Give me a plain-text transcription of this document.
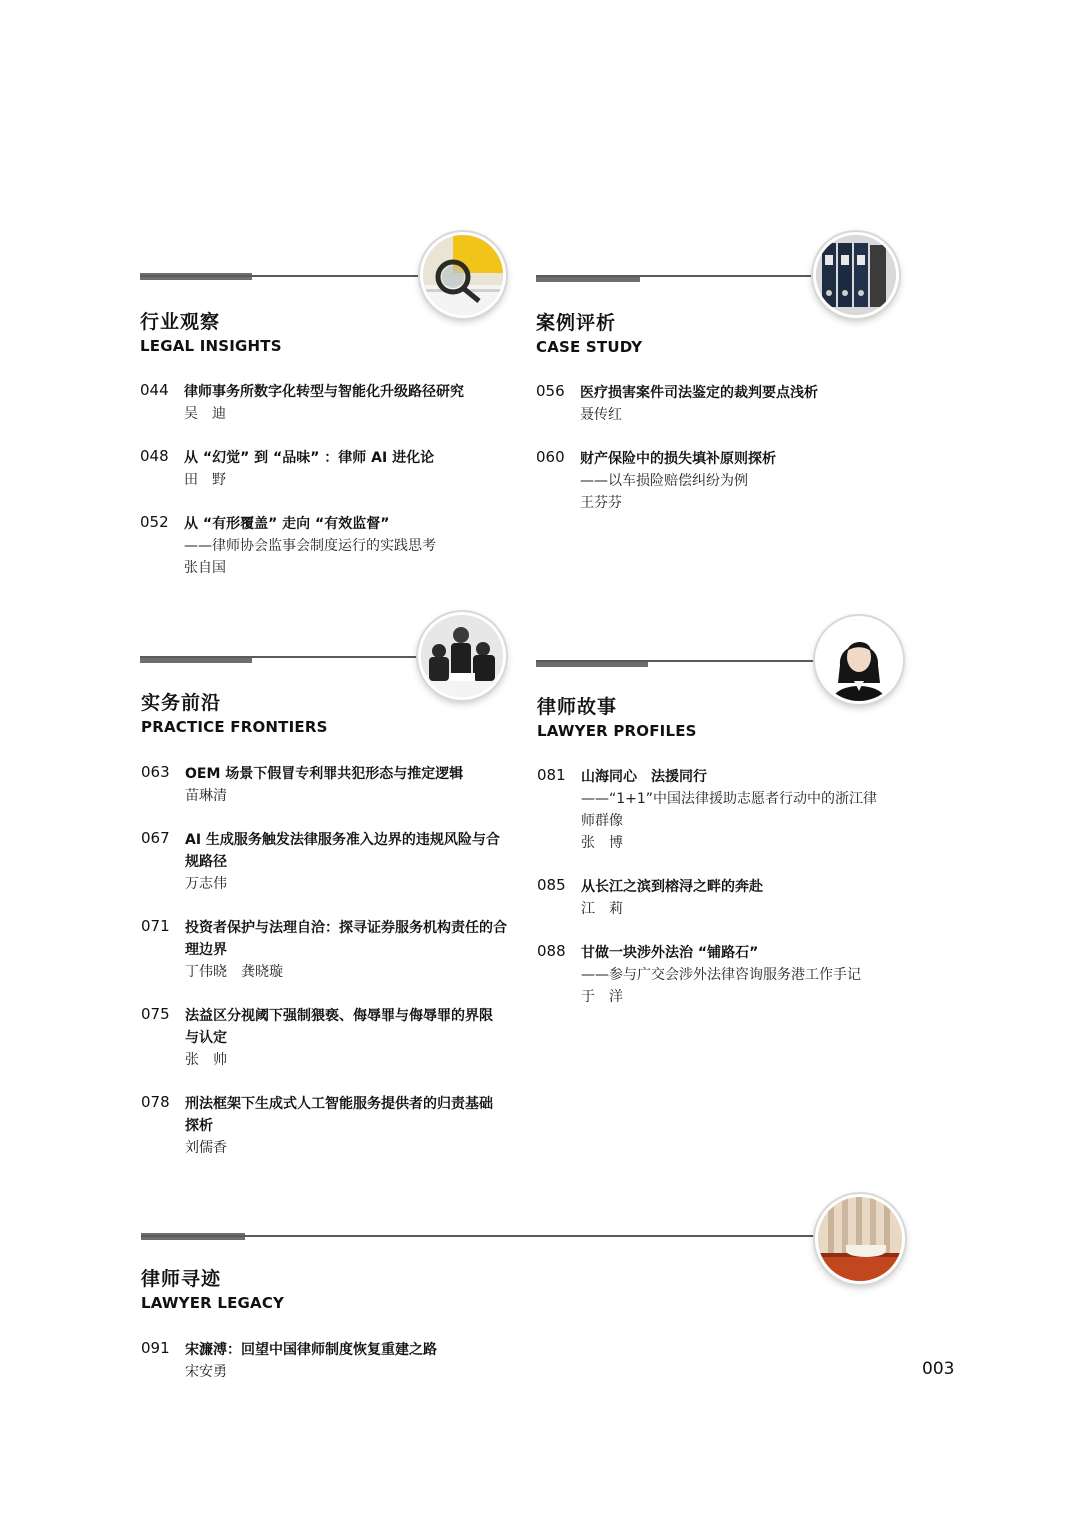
行业观察
LEGAL INSIGHTS
044 律师事务所数字化转型与智能化升级路径研究
吴　迪
048 从 “幻觉” 到 “品味” ：律师 AI 进化论
田　野
052 从 “有形覆盖” 走向 “有效监督”
——律师协会监事会制度运行的实践思考
张自国
案例评析
CASE STUDY
056 医疗损害案件司法鉴定的裁判要点浅析
聂传红
060 财产保险中的损失填补原则探析
——以车损险赔偿纠纷为例
王芬芬
实务前沿
PRACTICE FRONTIERS
063 OEM 场景下假冒专利罪共犯形态与推定逻辑
苗琳清
067 AI 生成服务触发法律服务准入边界的违规风险与合规路径
万志伟
071 投资者保护与法理自洽：探寻证券服务机构责任的合理边界
丁伟晓　龚晓璇
075 法益区分视阈下强制猥亵、侮辱罪与侮辱罪的界限与认定
张　帅
078 刑法框架下生成式人工智能服务提供者的归责基础探析
刘儒香
律师故事
LAWYER PROFILES
081 山海同心　法援同行
——“1+1”中国法律援助志愿者行动中的浙江律师群像
张　博
085 从长江之滨到榕浔之畔的奔赴
江　莉
088 甘做一块涉外法治 “铺路石”
——参与广交会涉外法律咨询服务港工作手记
于　洋
律师寻迹
LAWYER LEGACY
091 宋濂溥：回望中国律师制度恢复重建之路
宋安勇	003
